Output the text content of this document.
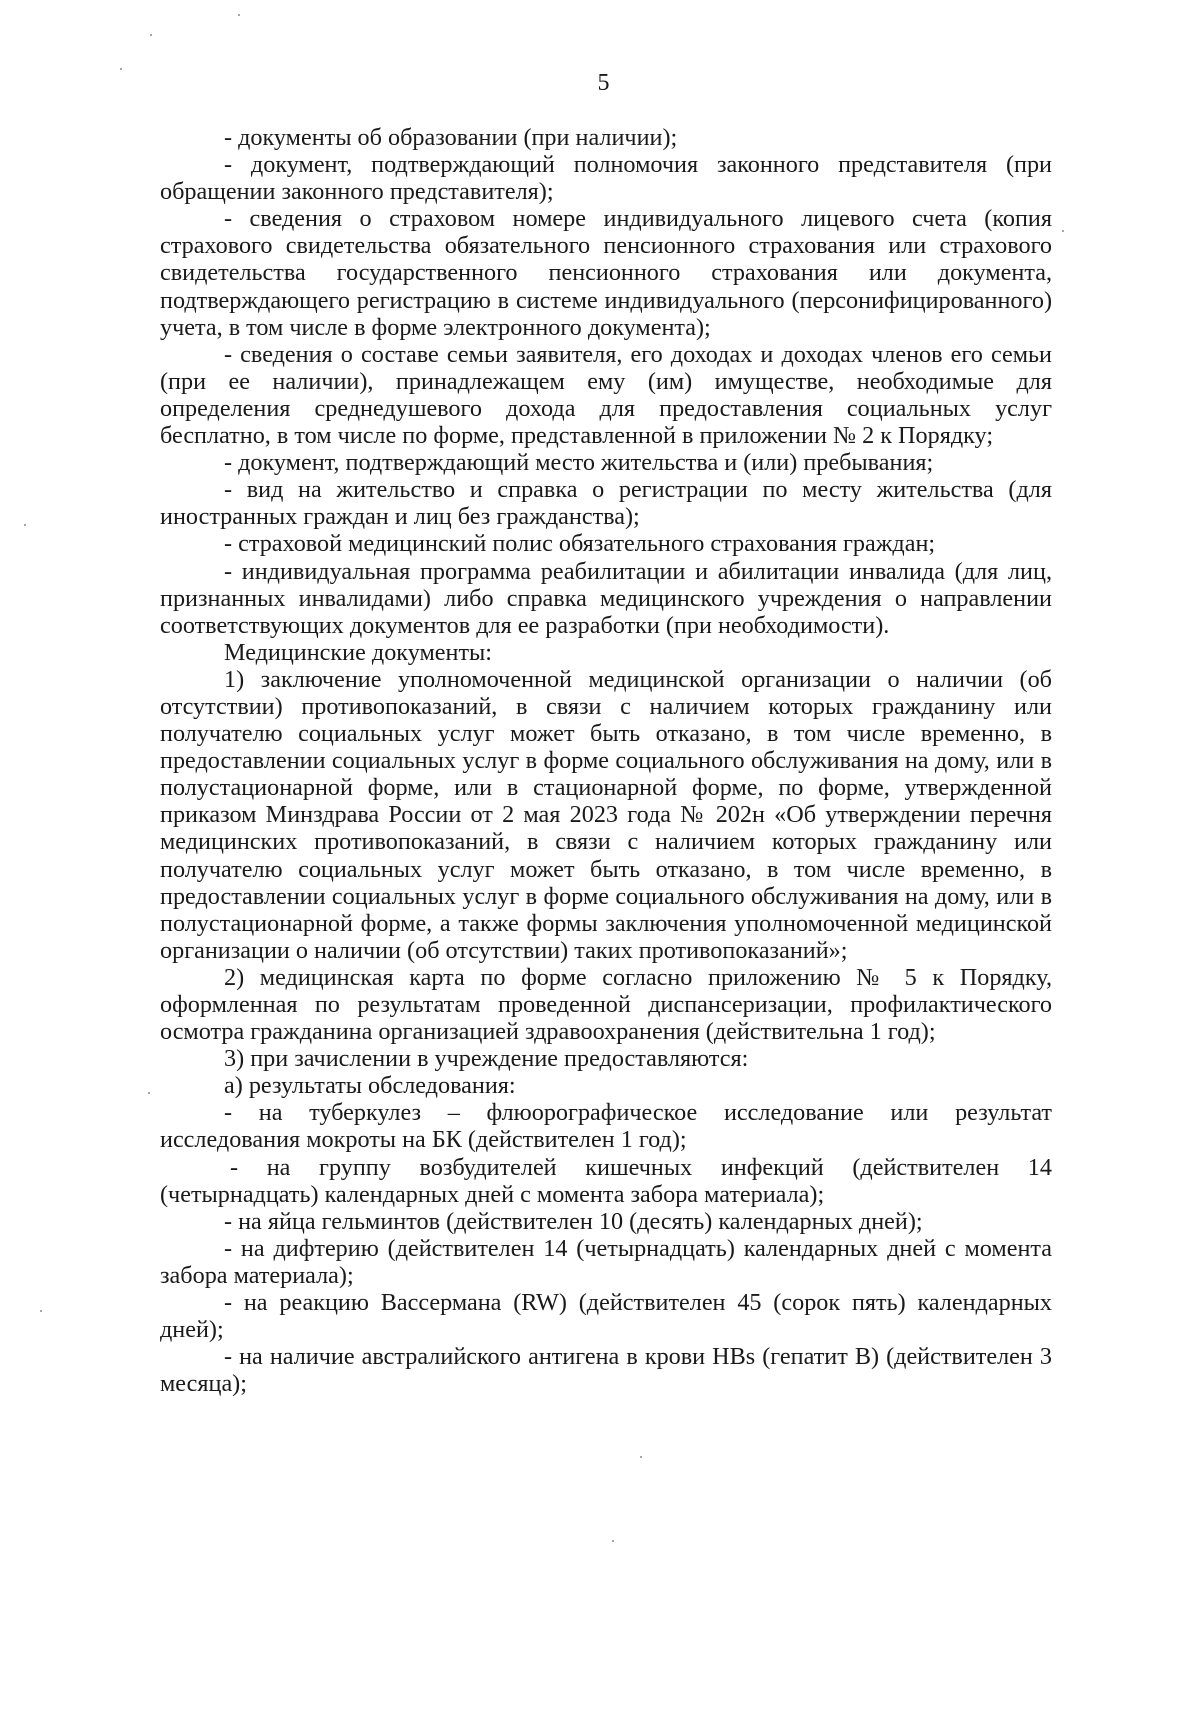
5

- документы об образовании (при наличии);

- документ, подтверждающий полномочия законного представителя (при обращении законного представителя);

- сведения о страховом номере индивидуального лицевого счета (копия страхового свидетельства обязательного пенсионного страхования или страхового свидетельства государственного пенсионного страхования или документа, подтверждающего регистрацию в системе индивидуального (персонифицированного) учета, в том числе в форме электронного документа);

- сведения о составе семьи заявителя, его доходах и доходах членов его семьи (при ее наличии), принадлежащем ему (им) имуществе, необходимые для определения среднедушевого дохода для предоставления социальных услуг бесплатно, в том числе по форме, представленной в приложении № 2 к Порядку;

- документ, подтверждающий место жительства и (или) пребывания;

- вид на жительство и справка о регистрации по месту жительства (для иностранных граждан и лиц без гражданства);

- страховой медицинский полис обязательного страхования граждан;

- индивидуальная программа реабилитации и абилитации инвалида (для лиц, признанных инвалидами) либо справка медицинского учреждения о направлении соответствующих документов для ее разработки (при необходимости).

Медицинские документы:

1) заключение уполномоченной медицинской организации о наличии (об отсутствии) противопоказаний, в связи с наличием которых гражданину или получателю социальных услуг может быть отказано, в том числе временно, в предоставлении социальных услуг в форме социального обслуживания на дому, или в полустационарной форме, или в стационарной форме, по форме, утвержденной приказом Минздрава России от 2 мая 2023 года № 202н «Об утверждении перечня медицинских противопоказаний, в связи с наличием которых гражданину или получателю социальных услуг может быть отказано, в том числе временно, в предоставлении социальных услуг в форме социального обслуживания на дому, или в полустационарной форме, а также формы заключения уполномоченной медицинской организации о наличии (об отсутствии) таких противопоказаний»;

2) медицинская карта по форме согласно приложению № 5 к Порядку, оформленная по результатам проведенной диспансеризации, профилактического осмотра гражданина организацией здравоохранения (действительна 1 год);

3) при зачислении в учреждение предоставляются:

а) результаты обследования:

- на туберкулез – флюорографическое исследование или результат исследования мокроты на БК (действителен 1 год);

- на группу возбудителей кишечных инфекций (действителен 14 (четырнадцать) календарных дней с момента забора материала);

- на яйца гельминтов (действителен 10 (десять) календарных дней);

- на дифтерию (действителен 14 (четырнадцать) календарных дней с момента забора материала);

- на реакцию Вассермана (RW) (действителен 45 (сорок пять) календарных дней);

- на наличие австралийского антигена в крови HBs (гепатит B) (действителен 3 месяца);
